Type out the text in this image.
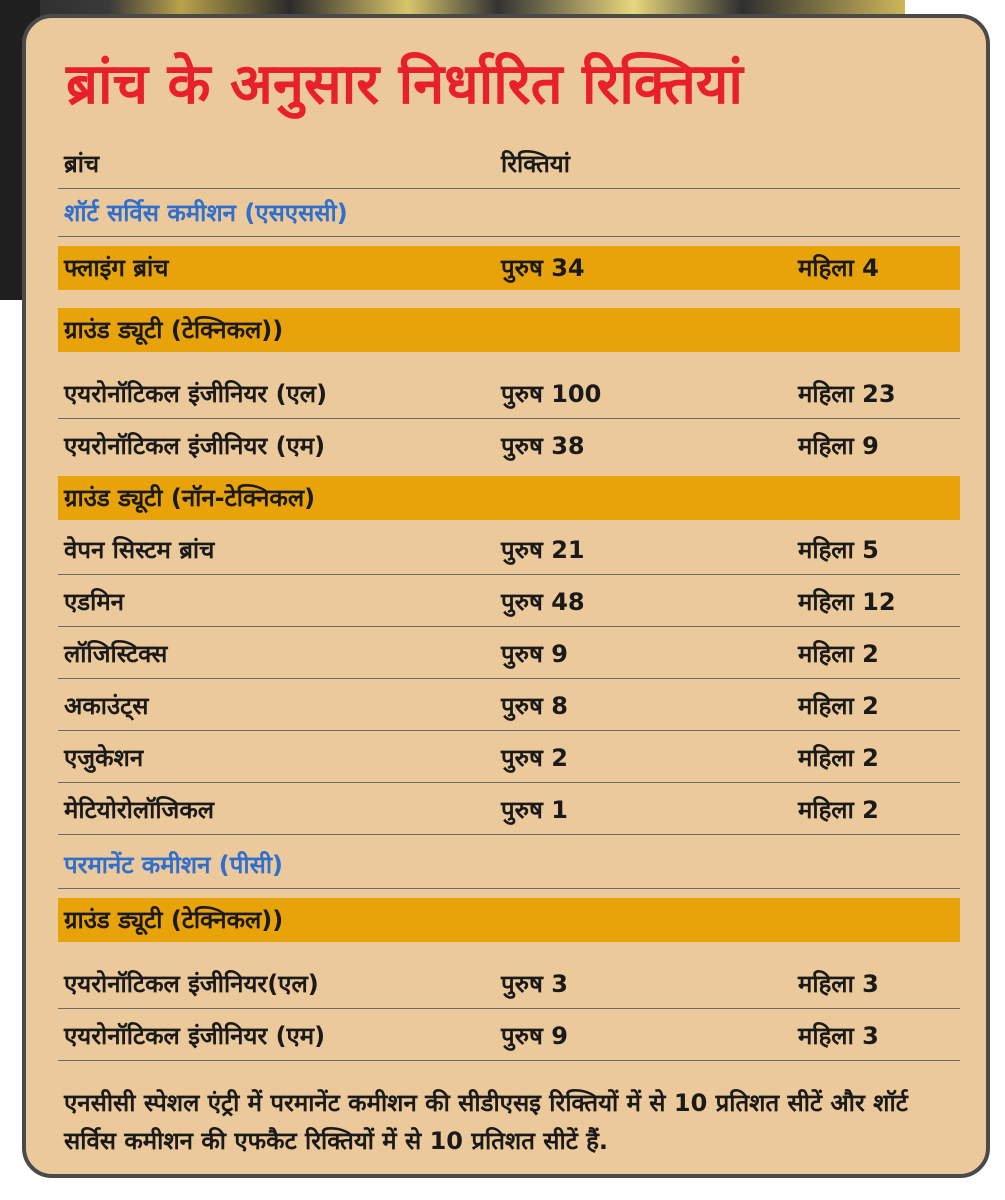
ब्रांच के अनुसार निर्धारित रिक्तियां
ब्रांच	रिक्तियां
शॉर्ट सर्विस कमीशन (एसएससी)
फ्लाइंग ब्रांच	पुरुष 34	महिला 4
ग्राउंड ड्यूटी (टेक्निकल))
एयरोनॉटिकल इंजीनियर (एल)	पुरुष 100	महिला 23
एयरोनॉटिकल इंजीनियर (एम)	पुरुष 38	महिला 9
ग्राउंड ड्यूटी (नॉन-टेक्निकल)
वेपन सिस्टम ब्रांच	पुरुष 21	महिला 5
एडमिन	पुरुष 48	महिला 12
लॉजिस्टिक्स	पुरुष 9	महिला 2
अकाउंट्स	पुरुष 8	महिला 2
एजुकेशन	पुरुष 2	महिला 2
मेटियोरोलॉजिकल	पुरुष 1	महिला 2
परमानेंट कमीशन (पीसी)
ग्राउंड ड्यूटी (टेक्निकल))
एयरोनॉटिकल इंजीनियर(एल)	पुरुष 3	महिला 3
एयरोनॉटिकल इंजीनियर (एम)	पुरुष 9	महिला 3

एनसीसी स्पेशल एंट्री में परमानेंट कमीशन की सीडीएसइ रिक्तियों में से 10 प्रतिशत सीटें और शॉर्ट सर्विस कमीशन की एफकैट रिक्तियों में से 10 प्रतिशत सीटें हैं.
